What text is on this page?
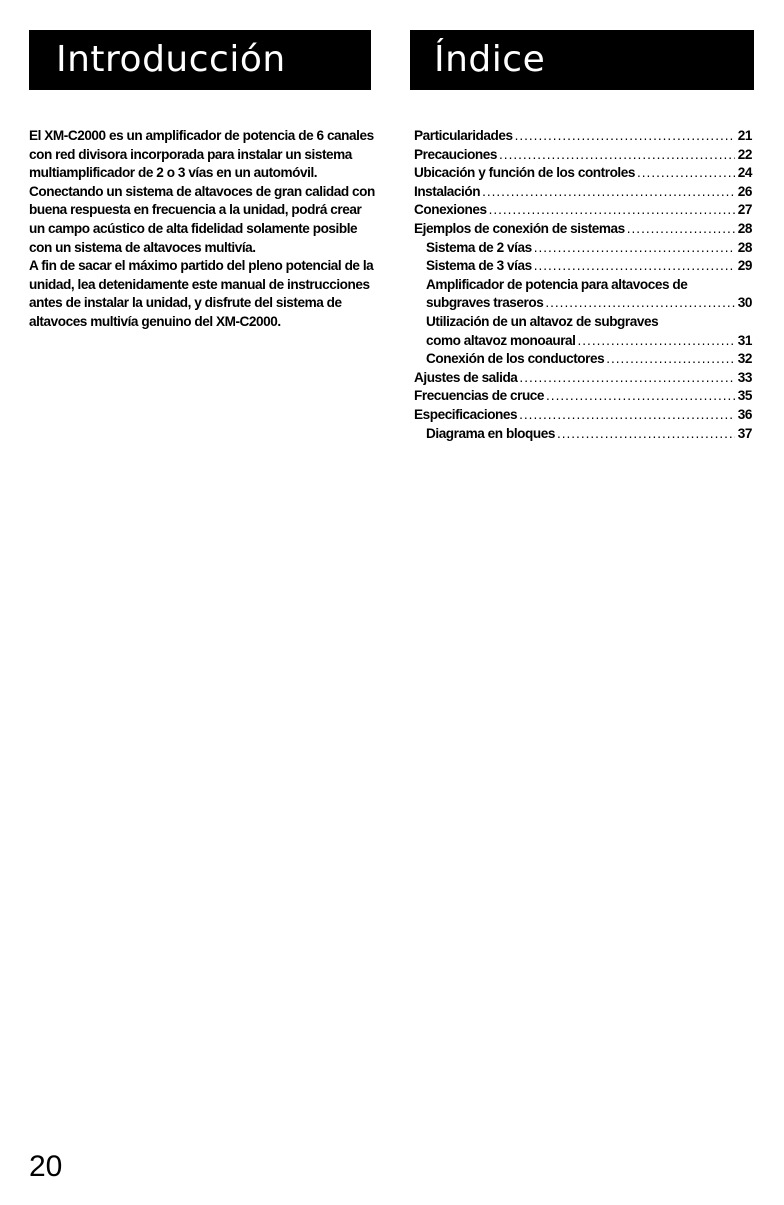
Introducción	Índice

El XM-C2000 es un amplificador de potencia de 6 canales con red divisora incorporada para instalar un sistema multiamplificador de 2 o 3 vías en un automóvil. Conectando un sistema de altavoces de gran calidad con buena respuesta en frecuencia a la unidad, podrá crear un campo acústico de alta fidelidad solamente posible con un sistema de altavoces multivía.

A fin de sacar el máximo partido del pleno potencial de la unidad, lea detenidamente este manual de instrucciones antes de instalar la unidad, y disfrute del sistema de altavoces multivía genuino del XM-C2000.

Particularidades .....	21
Precauciones .....	22
Ubicación y función de los controles .....	24
Instalación .....	26
Conexiones .....	27
Ejemplos de conexión de sistemas .....	28
Sistema de 2 vías .....	28
Sistema de 3 vías .....	29
Amplificador de potencia para altavoces de
subgraves traseros .....	30
Utilización de un altavoz de subgraves
como altavoz monoaural .....	31
Conexión de los conductores .....	32
Ajustes de salida .....	33
Frecuencias de cruce .....	35
Especificaciones .....	36
Diagrama en bloques .....	37
20
